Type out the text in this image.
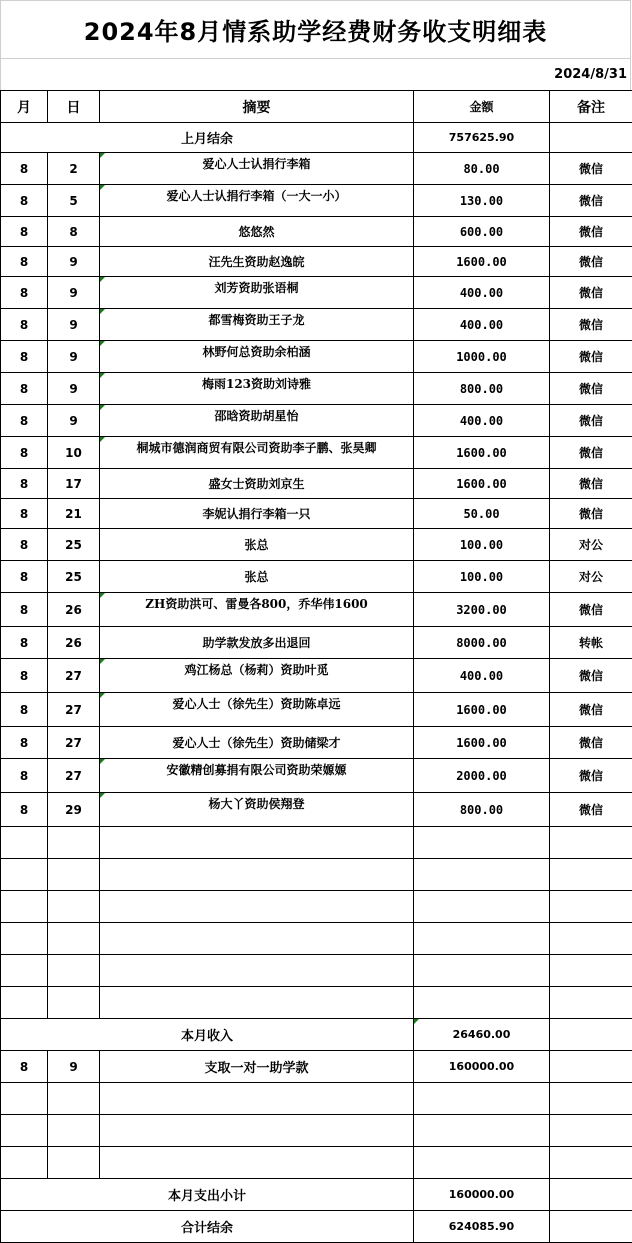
2024年8月情系助学经费财务收支明细表
2024/8/31
月	日	摘要	金额	备注
上月结余			757625.90	
8	2	爱心人士认捐行李箱	80.00	微信
8	5	爱心人士认捐行李箱（一大一小）	130.00	微信
8	8	悠悠然	600.00	微信
8	9	汪先生资助赵逸皖	1600.00	微信
8	9	刘芳资助张语桐	400.00	微信
8	9	都雪梅资助王子龙	400.00	微信
8	9	林野何总资助余柏涵	1000.00	微信
8	9	梅雨123资助刘诗雅	800.00	微信
8	9	邵晗资助胡星怡	400.00	微信
8	10	桐城市德润商贸有限公司资助李子鹏、张昊卿	1600.00	微信
8	17	盛女士资助刘京生	1600.00	微信
8	21	李妮认捐行李箱一只	50.00	微信
8	25	张总	100.00	对公
8	25	张总	100.00	对公
8	26	ZH资助洪可、雷曼各800，乔华伟1600	3200.00	微信
8	26	助学款发放多出退回	8000.00	转帐
8	27	鸡江杨总（杨莉）资助叶觅	400.00	微信
8	27	爱心人士（徐先生）资助陈卓远	1600.00	微信
8	27	爱心人士（徐先生）资助储梁才	1600.00	微信
8	27	安徽精创募捐有限公司资助荣嫄嫄	2000.00	微信
8	29	杨大丫资助侯翔登	800.00	微信

本月收入			26460.00	
8	9	支取一对一助学款	160000.00	

本月支出小计			160000.00	
合计结余			624085.90	
